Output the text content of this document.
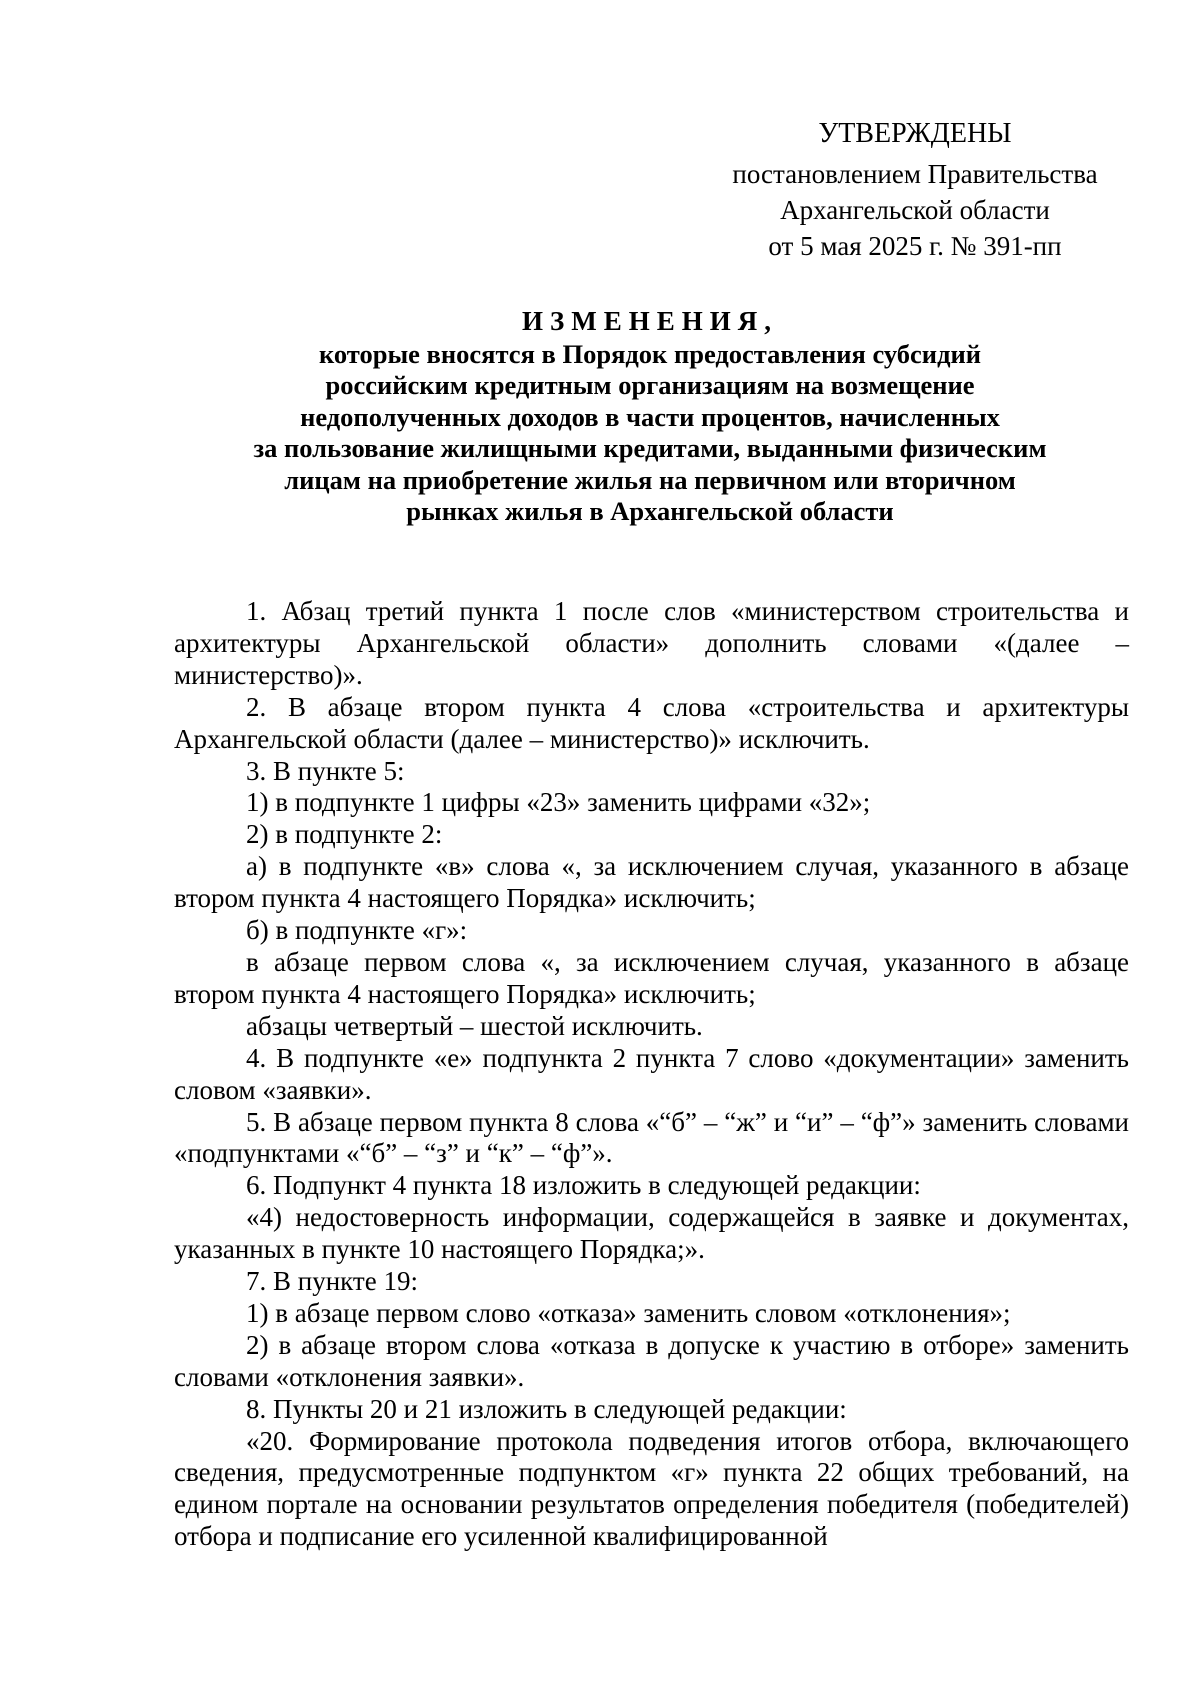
УТВЕРЖДЕНЫ
постановлением Правительства
Архангельской области
от 5 мая 2025 г. № 391-пп
ИЗМЕНЕНИЯ,
которые вносятся в Порядок предоставления субсидий
российским кредитным организациям на возмещение
недополученных доходов в части процентов, начисленных
за пользование жилищными кредитами, выданными физическим
лицам на приобретение жилья на первичном или вторичном
рынках жилья в Архангельской области

1. Абзац третий пункта 1 после слов «министерством строительства и архитектуры Архангельской области» дополнить словами «(далее – министерство)».

2. В абзаце втором пункта 4 слова «строительства и архитектуры Архангельской области (далее – министерство)» исключить.

3. В пункте 5:

1) в подпункте 1 цифры «23» заменить цифрами «32»;

2) в подпункте 2:

а) в подпункте «в» слова «, за исключением случая, указанного в абзаце втором пункта 4 настоящего Порядка» исключить;

б) в подпункте «г»:

в абзаце первом слова «, за исключением случая, указанного в абзаце втором пункта 4 настоящего Порядка» исключить;

абзацы четвертый – шестой исключить.

4. В подпункте «е» подпункта 2 пункта 7 слово «документации» заменить словом «заявки».

5. В абзаце первом пункта 8 слова «“б” – “ж” и “и” – “ф”» заменить словами «подпунктами «“б” – “з” и “к” – “ф”».

6. Подпункт 4 пункта 18 изложить в следующей редакции:

«4) недостоверность информации, содержащейся в заявке и документах, указанных в пункте 10 настоящего Порядка;».

7. В пункте 19:

1) в абзаце первом слово «отказа» заменить словом «отклонения»;

2) в абзаце втором слова «отказа в допуске к участию в отборе» заменить словами «отклонения заявки».

8. Пункты 20 и 21 изложить в следующей редакции:

«20. Формирование протокола подведения итогов отбора, включающего сведения, предусмотренные подпунктом «г» пункта 22 общих требований, на едином портале на основании результатов определения победителя (победителей) отбора и подписание его усиленной квалифицированной
